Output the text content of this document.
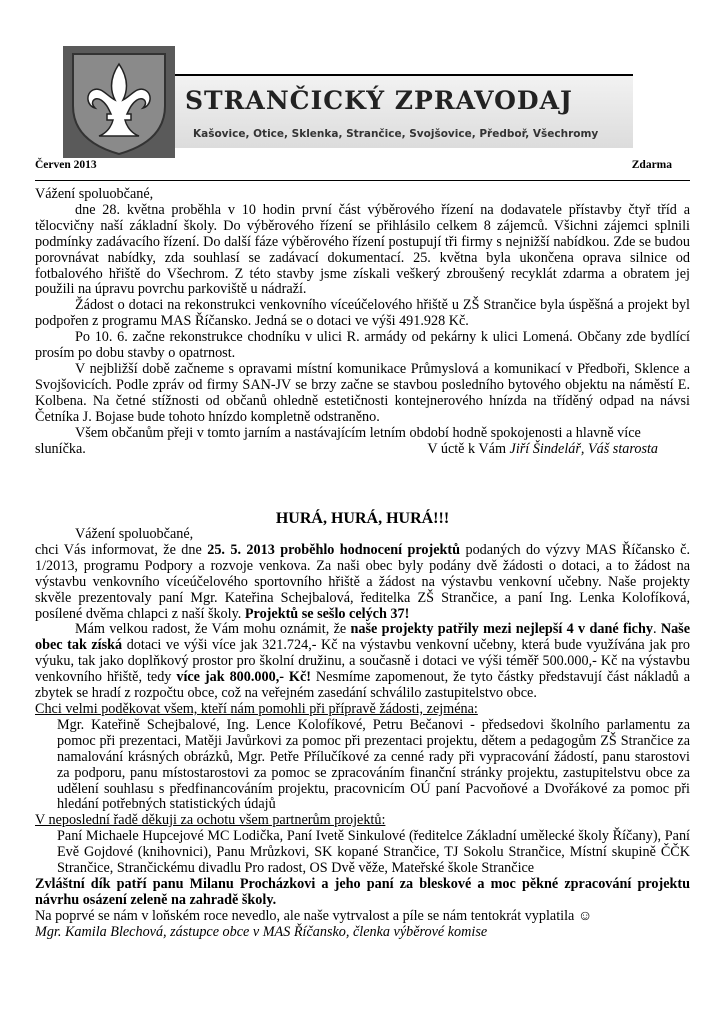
STRANČICKÝ ZPRAVODAJ
Kašovice, Otice, Sklenka, Strančice, Svojšovice, Předboř, Všechromy
Červen 2013	Zdarma

Vážení spoluobčané,

dne 28. května proběhla v 10 hodin první část výběrového řízení na dodavatele přístavby čtyř tříd a tělocvičny naší základní školy. Do výběrového řízení se přihlásilo celkem 8 zájemců. Všichni zájemci splnili podmínky zadávacího řízení. Do další fáze výběrového řízení postupují tři firmy s nejnižší nabídkou. Zde se budou porovnávat nabídky, zda souhlasí se zadávací dokumentací. 25. května byla ukončena oprava silnice od fotbalového hřiště do Všechrom. Z této stavby jsme získali veškerý zbroušený recyklát zdarma a obratem jej použili na úpravu povrchu parkoviště u nádraží.

Žádost o dotaci na rekonstrukci venkovního víceúčelového hřiště u ZŠ Strančice byla úspěšná a projekt byl podpořen z programu MAS Říčansko. Jedná se o dotaci ve výši 491.928 Kč.

Po 10. 6. začne rekonstrukce chodníku v ulici R. armády od pekárny k ulici Lomená. Občany zde bydlící prosím po dobu stavby o opatrnost.

V nejbližší době začneme s opravami místní komunikace Průmyslová a komunikací v Předboři, Sklence a Svojšovicích. Podle zpráv od firmy SAN-JV se brzy začne se stavbou posledního bytového objektu na náměstí E. Kolbena. Na četné stížnosti od občanů ohledně estetičnosti kontejnerového hnízda na tříděný odpad na návsi Četníka J. Bojase bude tohoto hnízdo kompletně odstraněno.

Všem občanům přeji v tomto jarním a nastávajícím letním období hodně spokojenosti a hlavně více

sluníčka.	V úctě k Vám Jiří Šindelář, Váš starosta
HURÁ, HURÁ, HURÁ!!!

Vážení spoluobčané,

chci Vás informovat, že dne 25. 5. 2013 proběhlo hodnocení projektů podaných do výzvy MAS Říčansko č. 1/2013, programu Podpory a rozvoje venkova. Za naši obec byly podány dvě žádosti o dotaci, a to žádost na výstavbu venkovního víceúčelového sportovního hřiště a žádost na výstavbu venkovní učebny. Naše projekty skvěle prezentovaly paní Mgr. Kateřina Schejbalová, ředitelka ZŠ Strančice, a paní Ing. Lenka Kolofíková, posílené dvěma chlapci z naší školy. Projektů se sešlo celých 37!

Mám velkou radost, že Vám mohu oznámit, že naše projekty patřily mezi nejlepší 4 v dané fichy. Naše obec tak získá dotaci ve výši více jak 321.724,- Kč na výstavbu venkovní učebny, která bude využívána jak pro výuku, tak jako doplňkový prostor pro školní družinu, a současně i dotaci ve výši téměř 500.000,- Kč na výstavbu venkovního hřiště, tedy více jak 800.000,- Kč! Nesmíme zapomenout, že tyto částky představují část nákladů a zbytek se hradí z rozpočtu obce, což na veřejném zasedání schválilo zastupitelstvo obce.

Chci velmi poděkovat všem, kteří nám pomohli při přípravě žádosti, zejména:

Mgr. Kateřině Schejbalové, Ing. Lence Kolofíkové, Petru Bečanovi - předsedovi školního parlamentu za pomoc při prezentaci, Matěji Javůrkovi za pomoc při prezentaci projektu, dětem a pedagogům ZŠ Strančice za namalování krásných obrázků, Mgr. Petře Přílučíkové za cenné rady při vypracování žádostí, panu starostovi za podporu, panu místostarostovi za pomoc se zpracováním finanční stránky projektu, zastupitelstvu obce za udělení souhlasu s předfinancováním projektu, pracovnicím OÚ paní Pacvoňové a Dvořákové za pomoc při hledání potřebných statistických údajů

V neposlední řadě děkuji za ochotu všem partnerům projektů:

Paní Michaele Hupcejové MC Lodička, Paní Ivetě Sinkulové (ředitelce Základní umělecké školy Říčany), Paní Evě Gojdové (knihovnici), Panu Mrůzkovi, SK kopané Strančice, TJ Sokolu Strančice, Místní skupině ČČK Strančice, Strančickému divadlu Pro radost, OS Dvě věže, Mateřské škole Strančice

Zvláštní dík patří panu Milanu Procházkovi a jeho paní za bleskové a moc pěkné zpracování projektu návrhu osázení zeleně na zahradě školy.

Na poprvé se nám v loňském roce nevedlo, ale naše vytrvalost a píle se nám tentokrát vyplatila ☺

Mgr. Kamila Blechová, zástupce obce v MAS Říčansko, členka výběrové komise
